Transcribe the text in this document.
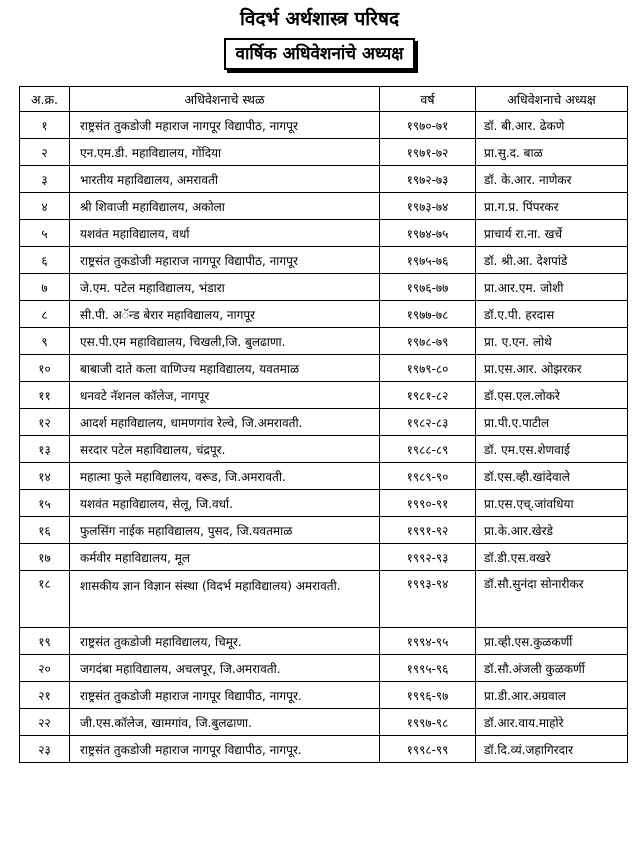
विदर्भ अर्थशास्त्र परिषद
वार्षिक अधिवेशनांचे अध्यक्ष
अ.क्र.	अधिवेशनाचे स्थळ	वर्ष	अधिवेशनाचे अध्यक्ष
१	राष्ट्रसंत तुकडोजी महाराज नागपूर विद्यापीठ, नागपूर	१९७०-७१	डॉ. बी.आर. ढेकणे
२	एन.एम.डी. महाविद्यालय, गोंदिया	१९७१-७२	प्रा.सु.द. बाळ
३	भारतीय महाविद्यालय, अमरावती	१९७२-७३	डॉ. के.आर. नाणेकर
४	श्री शिवाजी महाविद्यालय, अकोला	१९७३-७४	प्रा.ग.प्र. पिंपरकर
५	यशवंत महाविद्यालय, वर्धा	१९७४-७५	प्राचार्य रा.ना. खर्चे
६	राष्ट्रसंत तुकडोजी महाराज नागपूर विद्यापीठ, नागपूर	१९७५-७६	डॉ. श्री.आ. देशपांडे
७	जे.एम. पटेल महाविद्यालय, भंडारा	१९७६-७७	प्रा.आर.एम. जोशी
८	सी.पी. अॅन्ड बेरार महाविद्यालय, नागपूर	१९७७-७८	डॉ.ए.पी. हरदास
९	एस.पी.एम महाविद्यालय, चिखली,जि. बुलढाणा.	१९७८-७९	प्रा. ए.एन. लोथे
१०	बाबाजी दाते कला वाणिज्य महाविद्यालय, यवतमाळ	१९७९-८०	प्रा.एस.आर. ओझरकर
११	धनवटे नॅशनल कॉलेज, नागपूर	१९८१-८२	डॉ.एस.एल.लोकरे
१२	आदर्श महाविद्यालय, धामणगांव रेल्वे, जि.अमरावती.	१९८२-८३	प्रा.पी.ए.पाटील
१३	सरदार पटेल महाविद्यालय, चंद्रपूर.	१९८८-८९	डॉ. एम.एस.शेणवाई
१४	महात्मा फुले महाविद्यालय, वरूड, जि.अमरावती.	१९८९-९०	डॉ.एस.व्ही.खांदेवाले
१५	यशवंत महाविद्यालय, सेलू, जि.वर्धा.	१९९०-९१	प्रा.एस.एच्.जांवधिया
१६	फुलसिंग नाईक महाविद्यालय, पुसद, जि.यवतमाळ	१९९१-९२	प्रा.के.आर.खेरडे
१७	कर्मवीर महाविद्यालय, मूल	१९९२-९३	डॉ.डी.एस.वखरे
१८	शासकीय ज्ञान विज्ञान संस्था (विदर्भ महाविद्यालय) अमरावती.	१९९३-९४	डॉ.सौ.सुनंदा सोनारीकर
१९	राष्ट्रसंत तुकडोजी महाविद्यालय, चिमूर.	१९९४-९५	प्रा.व्ही.एस.कुळकर्णी
२०	जगदंबा महाविद्यालय, अचलपूर, जि.अमरावती.	१९९५-९६	डॉ.सौ.अंजली कुळकर्णी
२१	राष्ट्रसंत तुकडोजी महाराज नागपूर विद्यापीठ, नागपूर.	१९९६-९७	प्रा.डी.आर.अग्रवाल
२२	जी.एस.कॉलेज, खामगांव, जि.बुलढाणा.	१९९७-९८	डॉ.आर.वाय.माहोरे
२३	राष्ट्रसंत तुकडोजी महाराज नागपूर विद्यापीठ, नागपूर.	१९९८-९९	डॉ.दि.व्यं.जहागिरदार
